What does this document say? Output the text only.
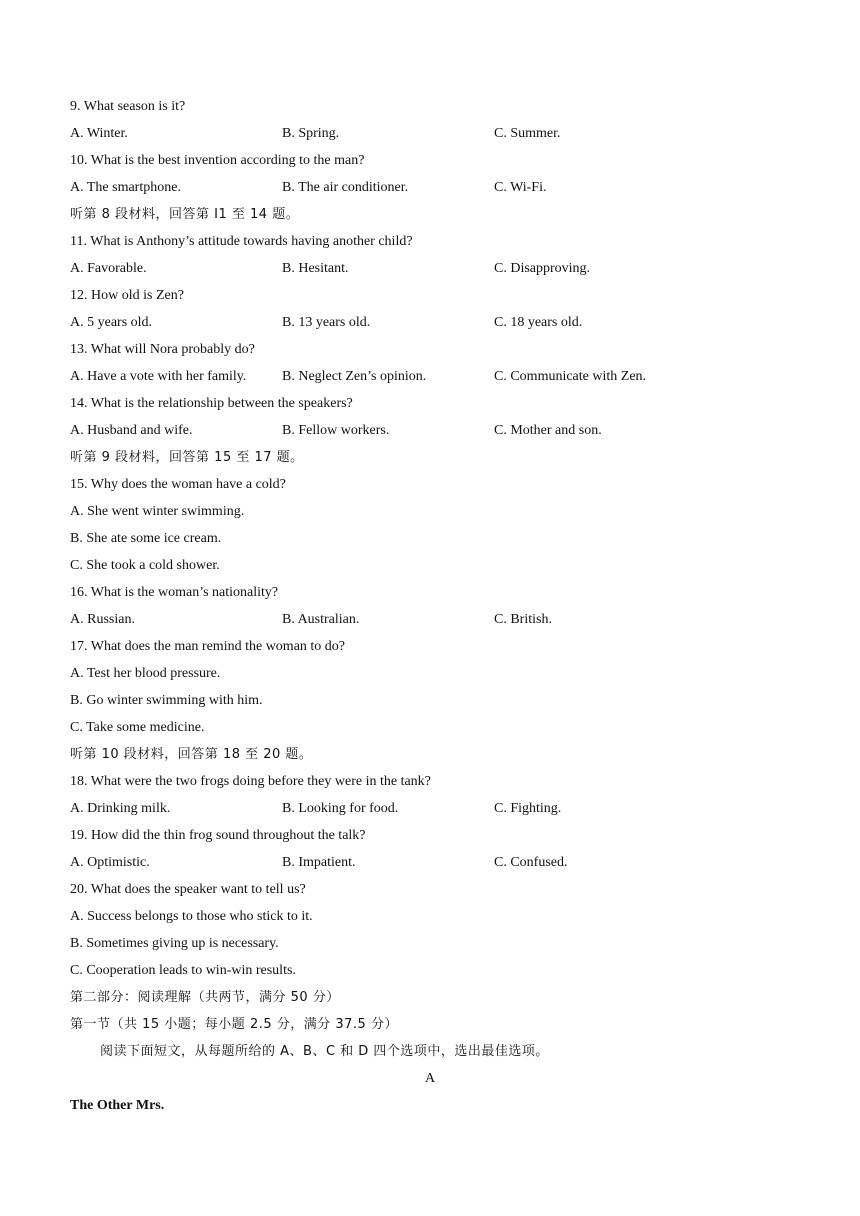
9. What season is it?
A. Winter.	B. Spring.	C. Summer.
10. What is the best invention according to the man?
A. The smartphone.	B. The air conditioner.	C. Wi-Fi.
听第 8 段材料，回答第 I1 至 14 题。
11. What is Anthony’s attitude towards having another child?
A. Favorable.	B. Hesitant.	C. Disapproving.
12. How old is Zen?
A. 5 years old.	B. 13 years old.	C. 18 years old.
13. What will Nora probably do?
A. Have a vote with her family.	B. Neglect Zen’s opinion.	C. Communicate with Zen.
14. What is the relationship between the speakers?
A. Husband and wife.	B. Fellow workers.	C. Mother and son.
听第 9 段材料，回答第 15 至 17 题。
15. Why does the woman have a cold?
A. She went winter swimming.
B. She ate some ice cream.
C. She took a cold shower.
16. What is the woman’s nationality?
A. Russian.	B. Australian.	C. British.
17. What does the man remind the woman to do?
A. Test her blood pressure.
B. Go winter swimming with him.
C. Take some medicine.
听第 10 段材料，回答第 18 至 20 题。
18. What were the two frogs doing before they were in the tank?
A. Drinking milk.	B. Looking for food.	C. Fighting.
19. How did the thin frog sound throughout the talk?
A. Optimistic.	B. Impatient.	C. Confused.
20. What does the speaker want to tell us?
A. Success belongs to those who stick to it.
B. Sometimes giving up is necessary.
C. Cooperation leads to win-win results.
第二部分：阅读理解（共两节，满分 50 分）
第一节（共 15 小题；每小题 2.5 分，满分 37.5 分）
阅读下面短文，从每题所给的 A、B、C 和 D 四个选项中，选出最佳选项。
A
The Other Mrs.
